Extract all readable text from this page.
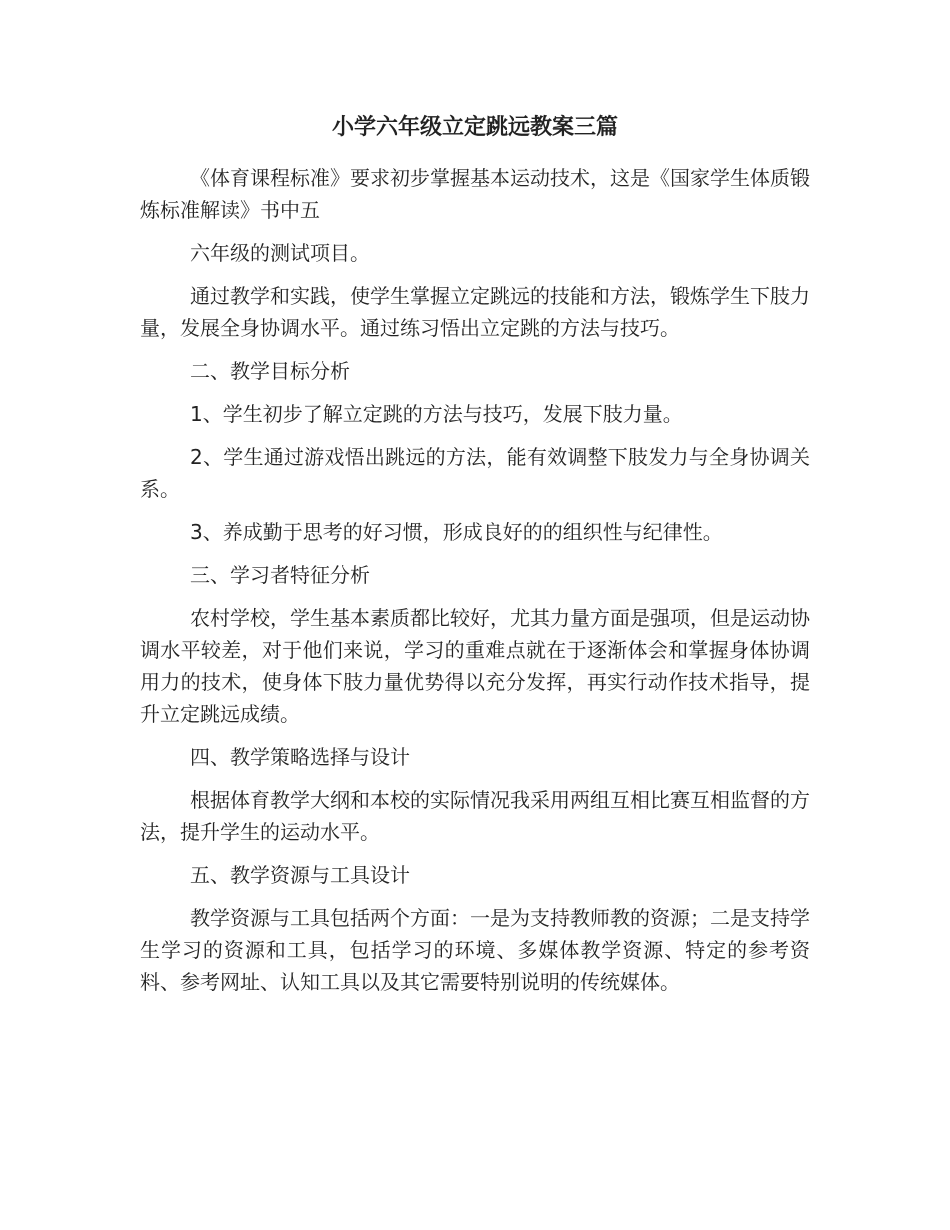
小学六年级立定跳远教案三篇

《体育课程标准》要求初步掌握基本运动技术，这是《国家学生体质锻炼标准解读》书中五

六年级的测试项目。

通过教学和实践，使学生掌握立定跳远的技能和方法，锻炼学生下肢力量，发展全身协调水平。通过练习悟出立定跳的方法与技巧。

二、教学目标分析

1、学生初步了解立定跳的方法与技巧，发展下肢力量。

2、学生通过游戏悟出跳远的方法，能有效调整下肢发力与全身协调关系。

3、养成勤于思考的好习惯，形成良好的的组织性与纪律性。

三、学习者特征分析

农村学校，学生基本素质都比较好，尤其力量方面是强项，但是运动协调水平较差，对于他们来说，学习的重难点就在于逐渐体会和掌握身体协调用力的技术，使身体下肢力量优势得以充分发挥，再实行动作技术指导，提升立定跳远成绩。

四、教学策略选择与设计

根据体育教学大纲和本校的实际情况我采用两组互相比赛互相监督的方法，提升学生的运动水平。

五、教学资源与工具设计

教学资源与工具包括两个方面：一是为支持教师教的资源；二是支持学生学习的资源和工具，包括学习的环境、多媒体教学资源、特定的参考资料、参考网址、认知工具以及其它需要特别说明的传统媒体。
